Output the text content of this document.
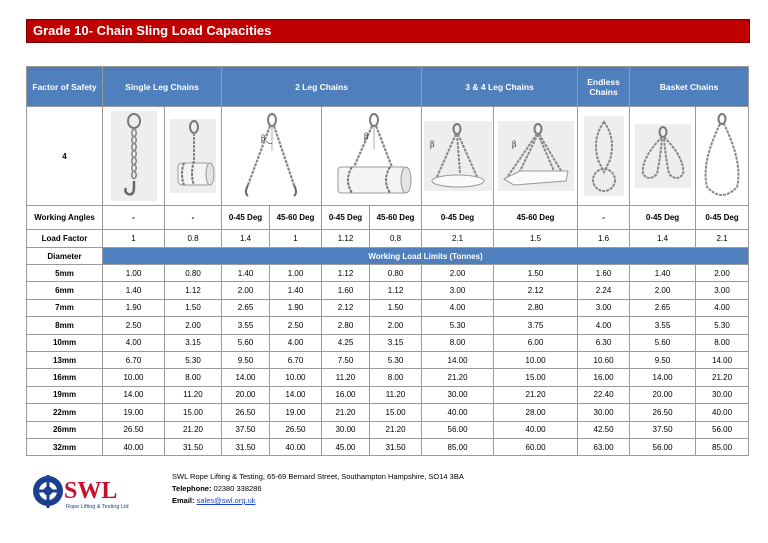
Grade 10- Chain Sling Load Capacities
Factor of Safety	Single Leg Chains		2 Leg Chains				3 & 4 Leg Chains		Endless Chains	Basket Chains	
4			β		β		β	β

Working Angles	-	-	0-45 Deg	45-60 Deg	0-45 Deg	45-60 Deg	0-45 Deg	45-60 Deg	-	0-45 Deg	0-45 Deg
Load Factor	1	0.8	1.4	1	1.12	0.8	2.1	1.5	1.6	1.4	2.1
Diameter	Working Load Limits (Tonnes)										
5mm	1.00	0.80	1.40	1.00	1.12	0.80	2.00	1.50	1.60	1.40	2.00
6mm	1.40	1.12	2.00	1.40	1.60	1.12	3.00	2.12	2.24	2.00	3.00
7mm	1.90	1.50	2.65	1.90	2.12	1.50	4.00	2.80	3.00	2.65	4.00
8mm	2.50	2.00	3.55	2.50	2.80	2.00	5.30	3.75	4.00	3.55	5.30
10mm	4.00	3.15	5.60	4.00	4.25	3.15	8.00	6.00	6.30	5.60	8.00
13mm	6.70	5.30	9.50	6.70	7.50	5.30	14.00	10.00	10.60	9.50	14.00
16mm	10.00	8.00	14.00	10.00	11.20	8.00	21.20	15.00	16.00	14.00	21.20
19mm	14.00	11.20	20.00	14.00	16.00	11.20	30.00	21.20	22.40	20.00	30.00
22mm	19.00	15.00	26.50	19.00	21.20	15.00	40.00	28.00	30.00	26.50	40.00
26mm	26.50	21.20	37.50	26.50	30.00	21.20	56.00	40.00	42.50	37.50	56.00
32mm	40.00	31.50	31.50	40.00	45.00	31.50	85.00	60.00	63.00	56.00	85.00
SWL
Rope Lifting & Testing Ltd
SWL Rope Lifting & Testing, 65-69 Bernard Street, Southampton Hampshire, SO14 3BA
Telephone: 02380 338286
Email: sales@swl.org.uk
